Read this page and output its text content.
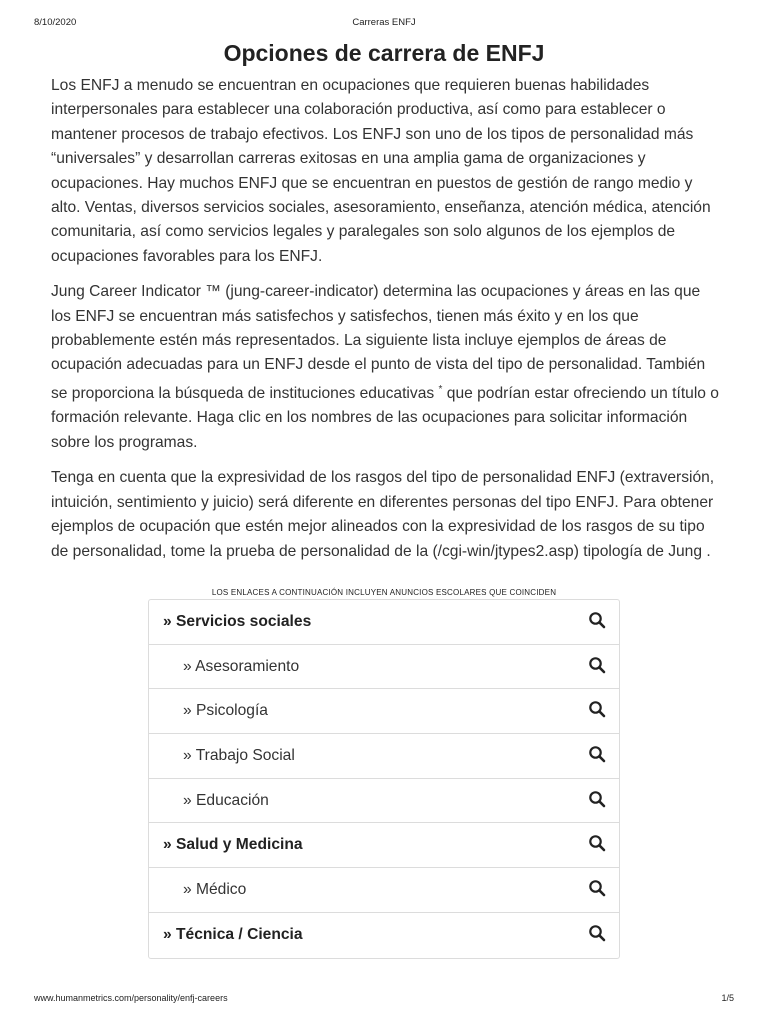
8/10/2020	Carreras ENFJ
Opciones de carrera de ENFJ

Los ENFJ a menudo se encuentran en ocupaciones que requieren buenas habilidades interpersonales para establecer una colaboración productiva, así como para establecer o mantener procesos de trabajo efectivos. Los ENFJ son uno de los tipos de personalidad más “universales” y desarrollan carreras exitosas en una amplia gama de organizaciones y ocupaciones. Hay muchos ENFJ que se encuentran en puestos de gestión de rango medio y alto. Ventas, diversos servicios sociales, asesoramiento, enseñanza, atención médica, atención comunitaria, así como servicios legales y paralegales son solo algunos de los ejemplos de ocupaciones favorables para los ENFJ.

Jung Career Indicator ™ (jung-career-indicator) determina las ocupaciones y áreas en las que los ENFJ se encuentran más satisfechos y satisfechos, tienen más éxito y en los que probablemente estén más representados. La siguiente lista incluye ejemplos de áreas de ocupación adecuadas para un ENFJ desde el punto de vista del tipo de personalidad. También se proporciona la búsqueda de instituciones educativas * que podrían estar ofreciendo un título o formación relevante. Haga clic en los nombres de las ocupaciones para solicitar información sobre los programas.

Tenga en cuenta que la expresividad de los rasgos del tipo de personalidad ENFJ (extraversión, intuición, sentimiento y juicio) será diferente en diferentes personas del tipo ENFJ. Para obtener ejemplos de ocupación que estén mejor alineados con la expresividad de los rasgos de su tipo de personalidad, tome la prueba de personalidad de la (/cgi-win/jtypes2.asp) tipología de Jung .

LOS ENLACES A CONTINUACIÓN INCLUYEN ANUNCIOS ESCOLARES QUE COINCIDEN
» Servicios sociales
» Asesoramiento
» Psicología
» Trabajo Social
» Educación
» Salud y Medicina
» Médico
» Técnica / Ciencia
www.humanmetrics.com/personality/enfj-careers	1/5
